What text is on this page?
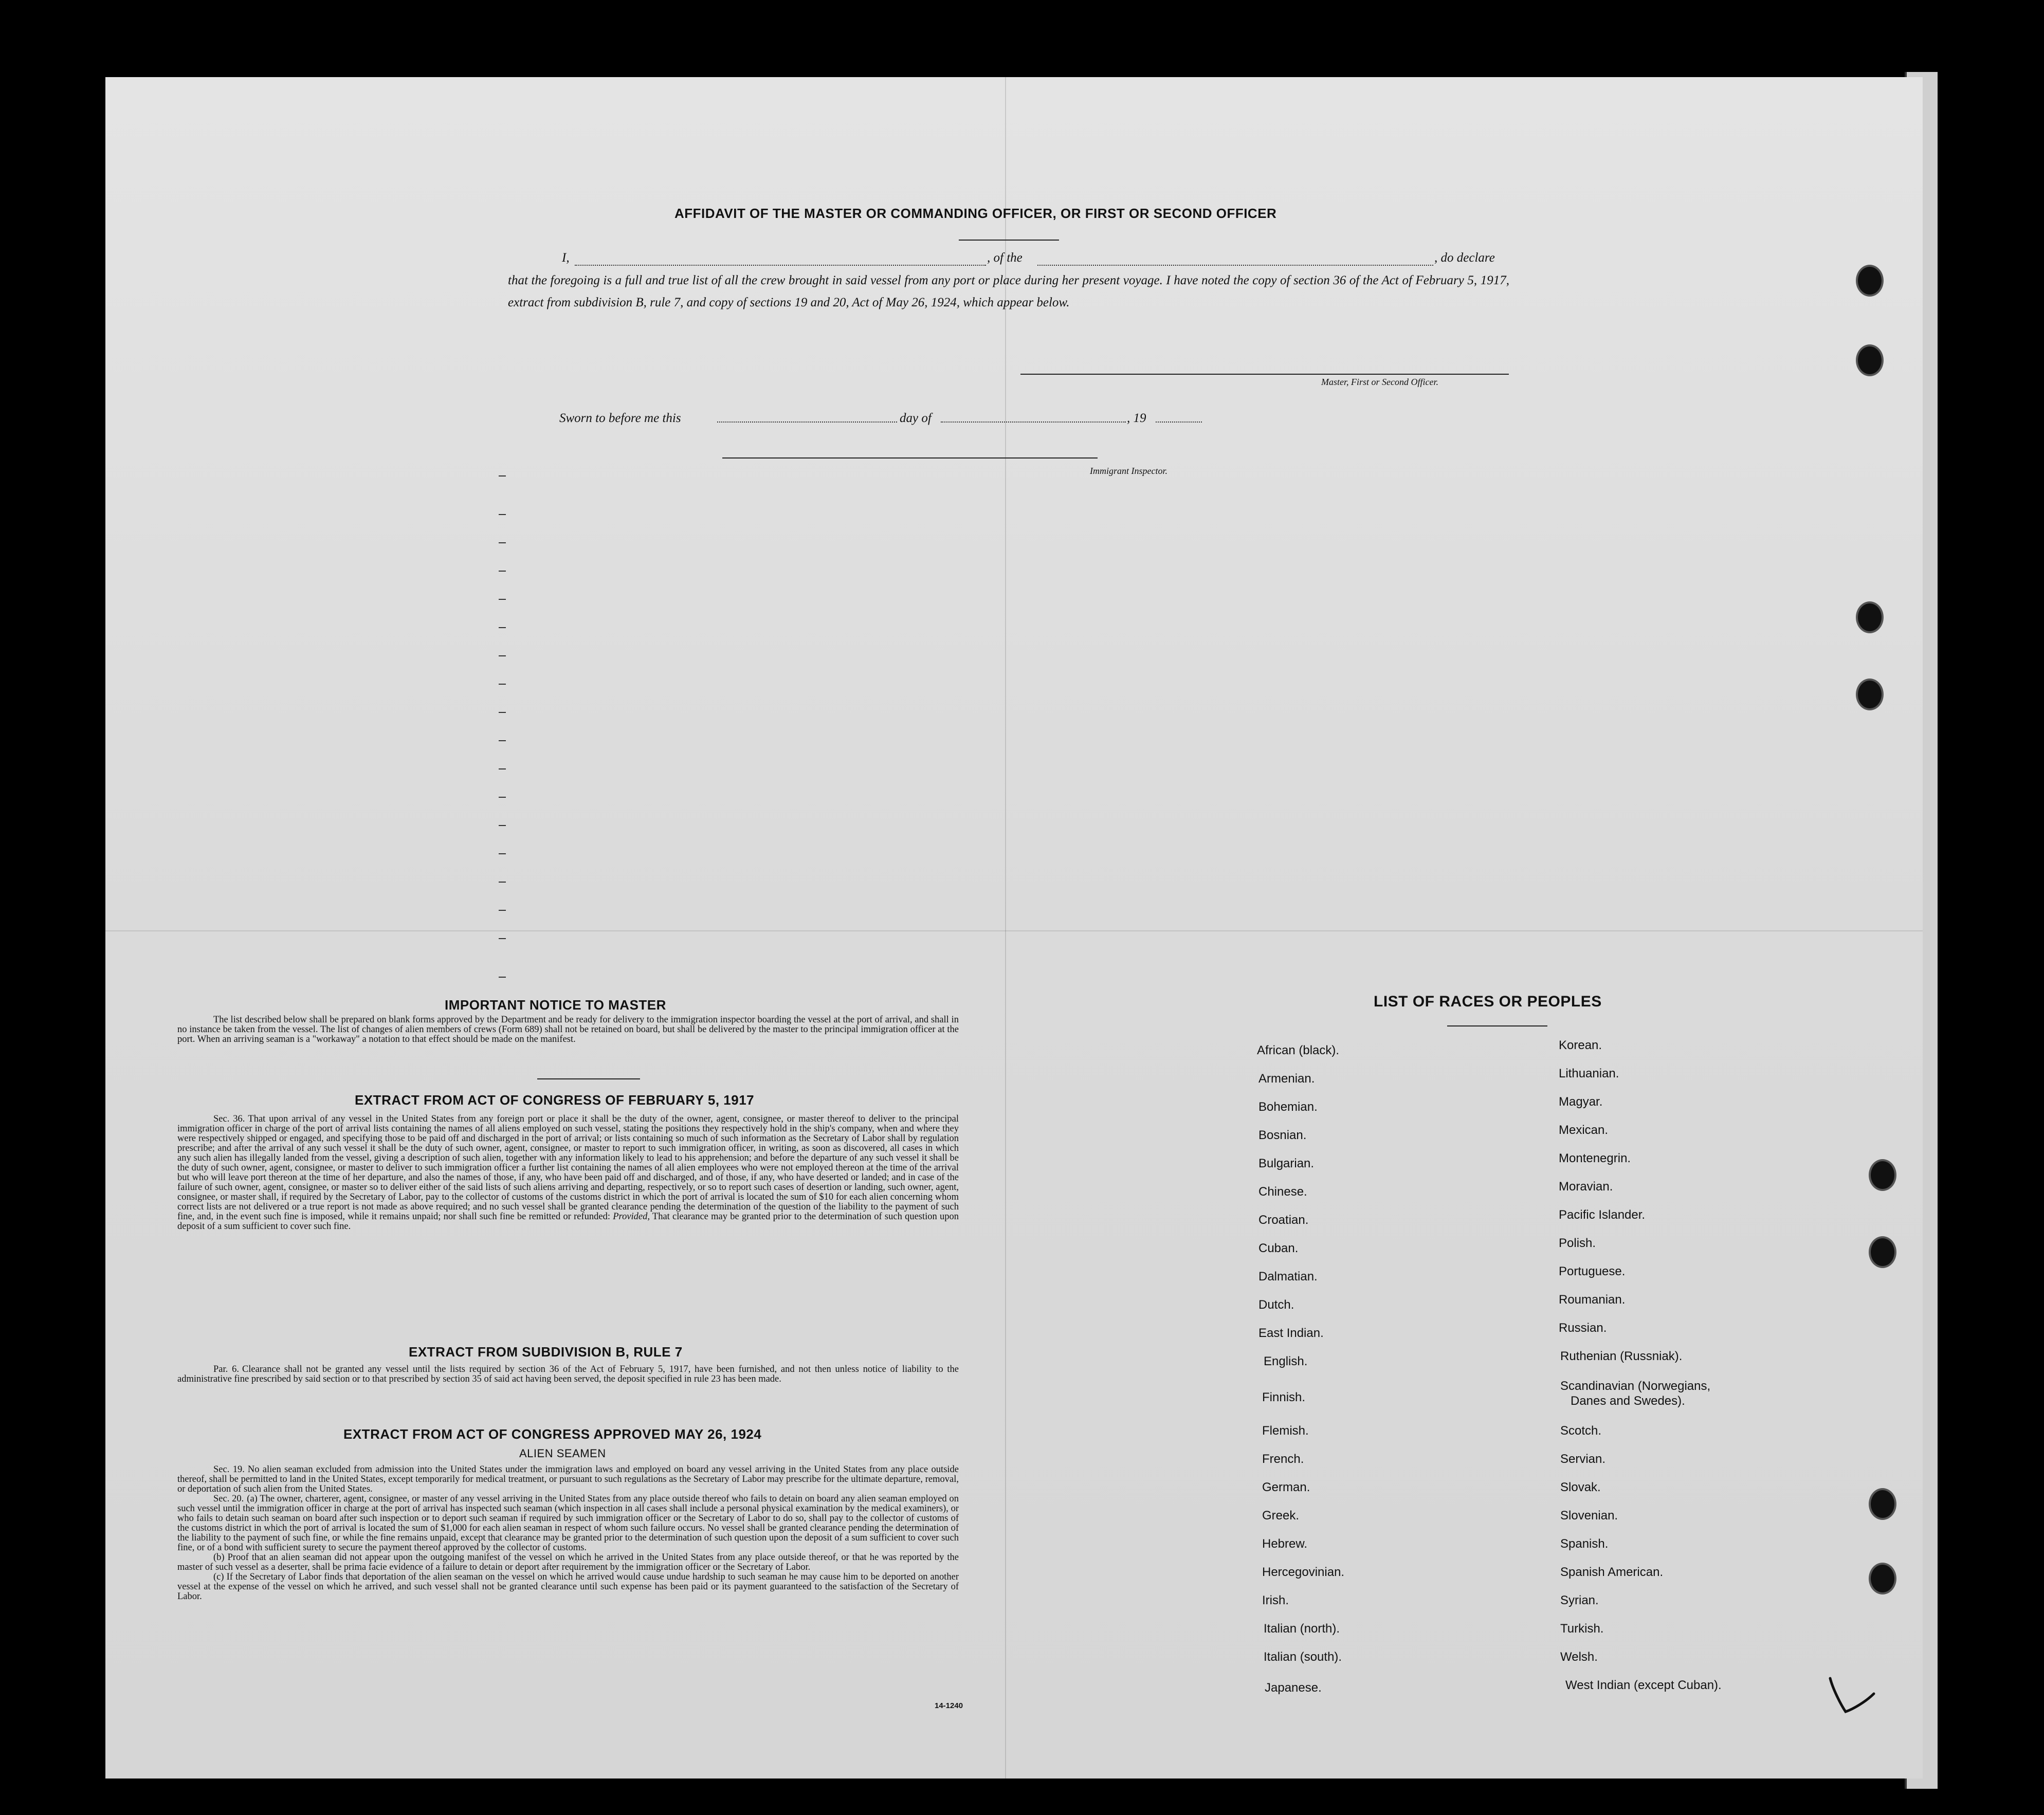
AFFIDAVIT OF THE MASTER OR COMMANDING OFFICER, OR FIRST OR SECOND OFFICER
I,	, of the	, do declare
that the foregoing is a full and true list of all the crew brought in said vessel from any port or place during her present voyage. I have noted the copy of section 36 of the Act of February 5, 1917, extract from subdivision B, rule 7, and copy of sections 19 and 20, Act of May 26, 1924, which appear below.
Master, First or Second Officer.
Sworn to before me this	day of	, 19
Immigrant Inspector.
IMPORTANT NOTICE TO MASTER
The list described below shall be prepared on blank forms approved by the Department and be ready for delivery to the immigration inspector boarding the vessel at the port of arrival, and shall in no instance be taken from the vessel. The list of changes of alien members of crews (Form 689) shall not be retained on board, but shall be delivered by the master to the principal immigration officer at the port. When an arriving seaman is a "workaway" a notation to that effect should be made on the manifest.
EXTRACT FROM ACT OF CONGRESS OF FEBRUARY 5, 1917
Sec. 36. That upon arrival of any vessel in the United States from any foreign port or place it shall be the duty of the owner, agent, consignee, or master thereof to deliver to the principal immigration officer in charge of the port of arrival lists containing the names of all aliens employed on such vessel, stating the positions they respectively hold in the ship's company, when and where they were respectively shipped or engaged, and specifying those to be paid off and discharged in the port of arrival; or lists containing so much of such information as the Secretary of Labor shall by regulation prescribe; and after the arrival of any such vessel it shall be the duty of such owner, agent, consignee, or master to report to such immigration officer, in writing, as soon as discovered, all cases in which any such alien has illegally landed from the vessel, giving a description of such alien, together with any information likely to lead to his apprehension; and before the departure of any such vessel it shall be the duty of such owner, agent, consignee, or master to deliver to such immigration officer a further list containing the names of all alien employees who were not employed thereon at the time of the arrival but who will leave port thereon at the time of her departure, and also the names of those, if any, who have been paid off and discharged, and of those, if any, who have deserted or landed; and in case of the failure of such owner, agent, consignee, or master so to deliver either of the said lists of such aliens arriving and departing, respectively, or so to report such cases of desertion or landing, such owner, agent, consignee, or master shall, if required by the Secretary of Labor, pay to the collector of customs of the customs district in which the port of arrival is located the sum of $10 for each alien concerning whom correct lists are not delivered or a true report is not made as above required; and no such vessel shall be granted clearance pending the determination of the question of the liability to the payment of such fine, and, in the event such fine is imposed, while it remains unpaid; nor shall such fine be remitted or refunded: Provided, That clearance may be granted prior to the determination of such question upon deposit of a sum sufficient to cover such fine.
EXTRACT FROM SUBDIVISION B, RULE 7
Par. 6. Clearance shall not be granted any vessel until the lists required by section 36 of the Act of February 5, 1917, have been furnished, and not then unless notice of liability to the administrative fine prescribed by said section or to that prescribed by section 35 of said act having been served, the deposit specified in rule 23 has been made.
EXTRACT FROM ACT OF CONGRESS APPROVED MAY 26, 1924
ALIEN SEAMEN
Sec. 19. No alien seaman excluded from admission into the United States under the immigration laws and employed on board any vessel arriving in the United States from any place outside thereof, shall be permitted to land in the United States, except temporarily for medical treatment, or pursuant to such regulations as the Secretary of Labor may prescribe for the ultimate departure, removal, or deportation of such alien from the United States.
Sec. 20. (a) The owner, charterer, agent, consignee, or master of any vessel arriving in the United States from any place outside thereof who fails to detain on board any alien seaman employed on such vessel until the immigration officer in charge at the port of arrival has inspected such seaman (which inspection in all cases shall include a personal physical examination by the medical examiners), or who fails to detain such seaman on board after such inspection or to deport such seaman if required by such immigration officer or the Secretary of Labor to do so, shall pay to the collector of customs of the customs district in which the port of arrival is located the sum of $1,000 for each alien seaman in respect of whom such failure occurs. No vessel shall be granted clearance pending the determination of the liability to the payment of such fine, or while the fine remains unpaid, except that clearance may be granted prior to the determination of such question upon the deposit of a sum sufficient to cover such fine, or of a bond with sufficient surety to secure the payment thereof approved by the collector of customs.
(b) Proof that an alien seaman did not appear upon the outgoing manifest of the vessel on which he arrived in the United States from any place outside thereof, or that he was reported by the master of such vessel as a deserter, shall be prima facie evidence of a failure to detain or deport after requirement by the immigration officer or the Secretary of Labor.
(c) If the Secretary of Labor finds that deportation of the alien seaman on the vessel on which he arrived would cause undue hardship to such seaman he may cause him to be deported on another vessel at the expense of the vessel on which he arrived, and such vessel shall not be granted clearance until such expense has been paid or its payment guaranteed to the satisfaction of the Secretary of Labor.
14-1240
LIST OF RACES OR PEOPLES
African (black).
Armenian.
Bohemian.
Bosnian.
Bulgarian.
Chinese.
Croatian.
Cuban.
Dalmatian.
Dutch.
East Indian.
English.
Finnish.
Flemish.
French.
German.
Greek.
Hebrew.
Hercegovinian.
Irish.
Italian (north).
Italian (south).
Japanese.
Korean.
Lithuanian.
Magyar.
Mexican.
Montenegrin.
Moravian.
Pacific Islander.
Polish.
Portuguese.
Roumanian.
Russian.
Ruthenian (Russniak).
Scandinavian (Norwegians,
Danes and Swedes).
Scotch.
Servian.
Slovak.
Slovenian.
Spanish.
Spanish American.
Syrian.
Turkish.
Welsh.
West Indian (except Cuban).
